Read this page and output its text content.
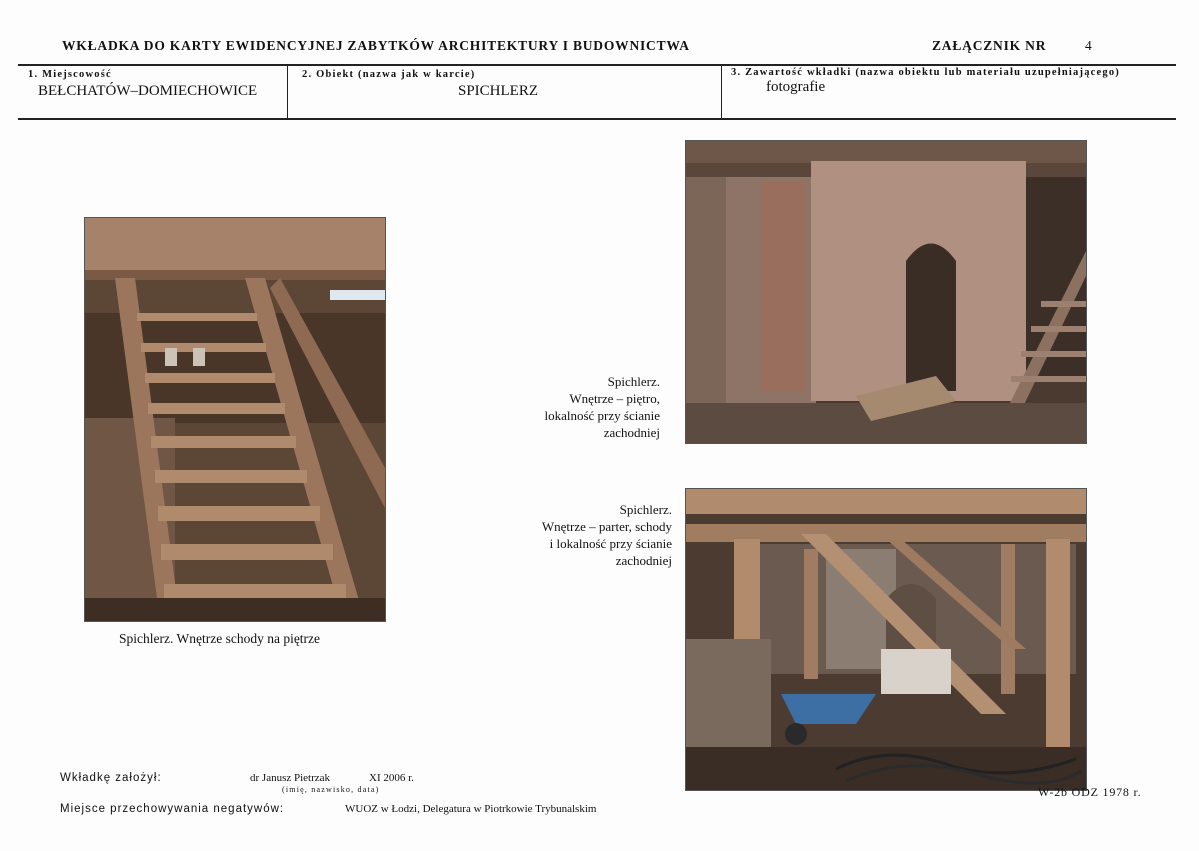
WKŁADKA DO KARTY EWIDENCYJNEJ ZABYTKÓW ARCHITEKTURY I BUDOWNICTWA	ZAŁĄCZNIK NR	4
1. Miejscowość
BEŁCHATÓW–DOMIECHOWICE
2. Obiekt (nazwa jak w karcie)
SPICHLERZ
3. Zawartość wkładki (nazwa obiektu lub materiału uzupełniającego)
fotografie
Spichlerz. Wnętrze schody na piętrze
Spichlerz.
Wnętrze – piętro,
lokalność przy ścianie
zachodniej
Spichlerz.
Wnętrze – parter, schody
i lokalność przy ścianie
zachodniej
Wkładkę założył:	dr Janusz Pietrzak	XI 2006 r.
(imię, nazwisko, data)
Miejsce przechowywania negatywów:	WUOZ w Łodzi, Delegatura w Piotrkowie Trybunalskim
W-2b ODZ 1978 r.
